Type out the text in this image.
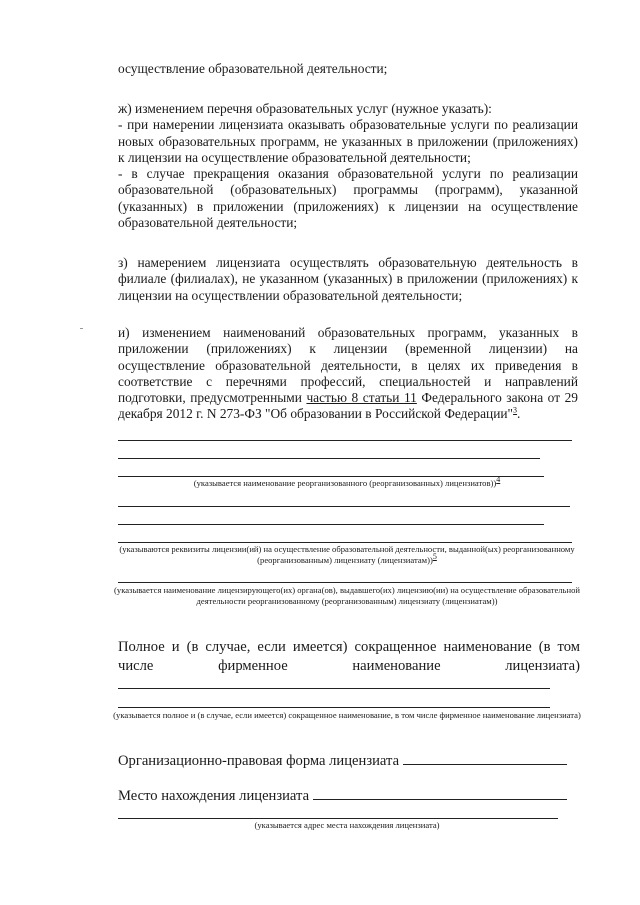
осуществление образовательной деятельности;
ж) изменением перечня образовательных услуг (нужное указать):
- при намерении лицензиата оказывать образовательные услуги по реализации новых образовательных программ, не указанных в приложении (приложениях) к лицензии на осуществление образовательной деятельности;
- в случае прекращения оказания образовательной услуги по реализации образовательной (образовательных) программы (программ), указанной (указанных) в приложении (приложениях) к лицензии на осуществление образовательной деятельности;
з) намерением лицензиата осуществлять образовательную деятельность в филиале (филиалах), не указанном (указанных) в приложении (приложениях) к лицензии на осуществлении образовательной деятельности;
и) изменением наименований образовательных программ, указанных в приложении (приложениях) к лицензии (временной лицензии) на осуществление образовательной деятельности, в целях их приведения в соответствие с перечнями профессий, специальностей и направлений подготовки, предусмотренными частью 8 статьи 11 Федерального закона от 29 декабря 2012 г. N 273-ФЗ "Об образовании в Российской Федерации"$^3$.
(указывается наименование реорганизованного (реорганизованных) лицензиатов))$^4$
(указываются реквизиты лицензии(ий) на осуществление образовательной деятельности, выданной(ых) реорганизованному (реорганизованным) лицензиату (лицензиатам))$^5$
(указывается наименование лицензирующего(их) органа(ов), выдавшего(их) лицензию(ии) на осуществление образовательной деятельности реорганизованному (реорганизованным) лицензиату (лицензиатам))
Полное и (в случае, если имеется) сокращенное наименование (в том числе фирменное наименование лицензиата)
(указывается полное и (в случае, если имеется) сокращенное наименование, в том числе фирменное наименование лицензиата)
Организационно-правовая форма лицензиата
Место нахождения лицензиата
(указывается адрес места нахождения лицензиата)
